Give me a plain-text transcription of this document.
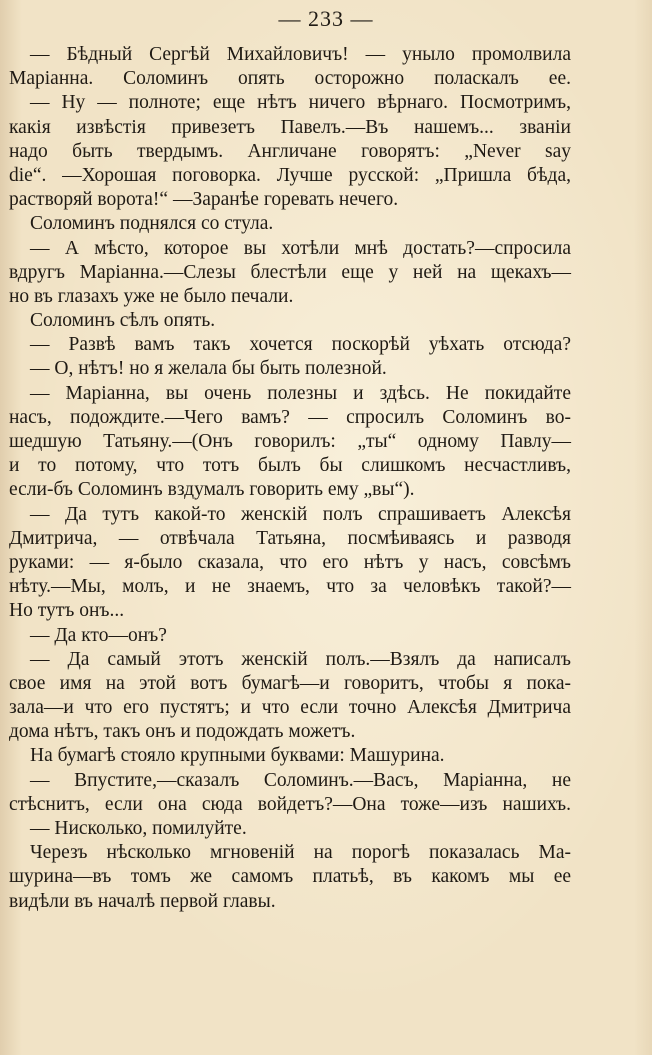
— 233 —
— Бѣдный Сергѣй Михайловичъ! — уныло промолвила
Маріанна. Соломинъ опять осторожно поласкалъ ее.
— Ну — полноте; еще нѣтъ ничего вѣрнаго. Посмотримъ,
какія извѣстія привезетъ Павелъ.—Въ нашемъ... званіи
надо быть твердымъ. Англичане говорятъ: „Never say
die“. —Хорошая поговорка. Лучше русской: „Пришла бѣда,
растворяй ворота!“ —Заранѣе горевать нечего.
Соломинъ поднялся со стула.
— А мѣсто, которое вы хотѣли мнѣ достать?—спросила
вдругъ Маріанна.—Слезы блестѣли еще у ней на щекахъ—
но въ глазахъ уже не было печали.
Соломинъ сѣлъ опять.
— Развѣ вамъ такъ хочется поскорѣй уѣхать отсюда?
— О, нѣтъ! но я желала бы быть полезной.
— Маріанна, вы очень полезны и здѣсь. Не покидайте
насъ, подождите.—Чего вамъ? — спросилъ Соломинъ во-
шедшую Татьяну.—(Онъ говорилъ: „ты“ одному Павлу—
и то потому, что тотъ былъ бы слишкомъ несчастливъ,
если-бъ Соломинъ вздумалъ говорить ему „вы“).
— Да тутъ какой-то женскій полъ спрашиваетъ Алексѣя
Дмитрича, — отвѣчала Татьяна, посмѣиваясь и разводя
руками: — я-было сказала, что его нѣтъ у насъ, совсѣмъ
нѣту.—Мы, молъ, и не знаемъ, что за человѣкъ такой?—
Но тутъ онъ...
— Да кто—онъ?
— Да самый этотъ женскій полъ.—Взялъ да написалъ
свое имя на этой вотъ бумагѣ—и говоритъ, чтобы я пока-
зала—и что его пустятъ; и что если точно Алексѣя Дмитрича
дома нѣтъ, такъ онъ и подождать можетъ.
На бумагѣ стояло крупными буквами: Машурина.
— Впустите,—сказалъ Соломинъ.—Васъ, Маріанна, не
стѣснитъ, если она сюда войдетъ?—Она тоже—изъ нашихъ.
— Нисколько, помилуйте.
Черезъ нѣсколько мгновеній на порогѣ показалась Ма-
шурина—въ томъ же самомъ платьѣ, въ какомъ мы ее
видѣли въ началѣ первой главы.
